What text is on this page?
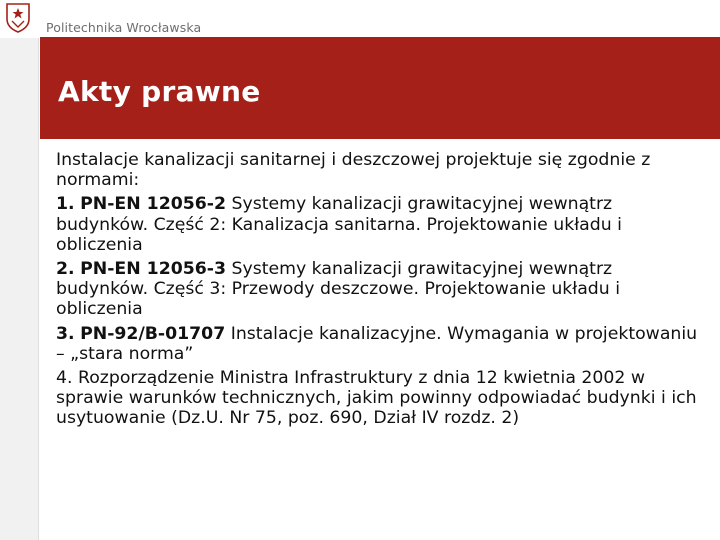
Politechnika Wrocławska
Akty prawne

Instalacje kanalizacji sanitarnej i deszczowej projektuje się zgodnie z normami:

1. PN-EN 12056-2 Systemy kanalizacji grawitacyjnej wewnątrz budynków. Część 2: Kanalizacja sanitarna. Projektowanie układu i obliczenia

2. PN-EN 12056-3 Systemy kanalizacji grawitacyjnej wewnątrz budynków. Część 3: Przewody deszczowe. Projektowanie układu i obliczenia

3. PN-92/B-01707 Instalacje kanalizacyjne. Wymagania w projektowaniu – „stara norma”

4. Rozporządzenie Ministra Infrastruktury z dnia 12 kwietnia 2002 w sprawie warunków technicznych, jakim powinny odpowiadać budynki i ich usytuowanie (Dz.U. Nr 75, poz. 690, Dział IV rozdz. 2)
